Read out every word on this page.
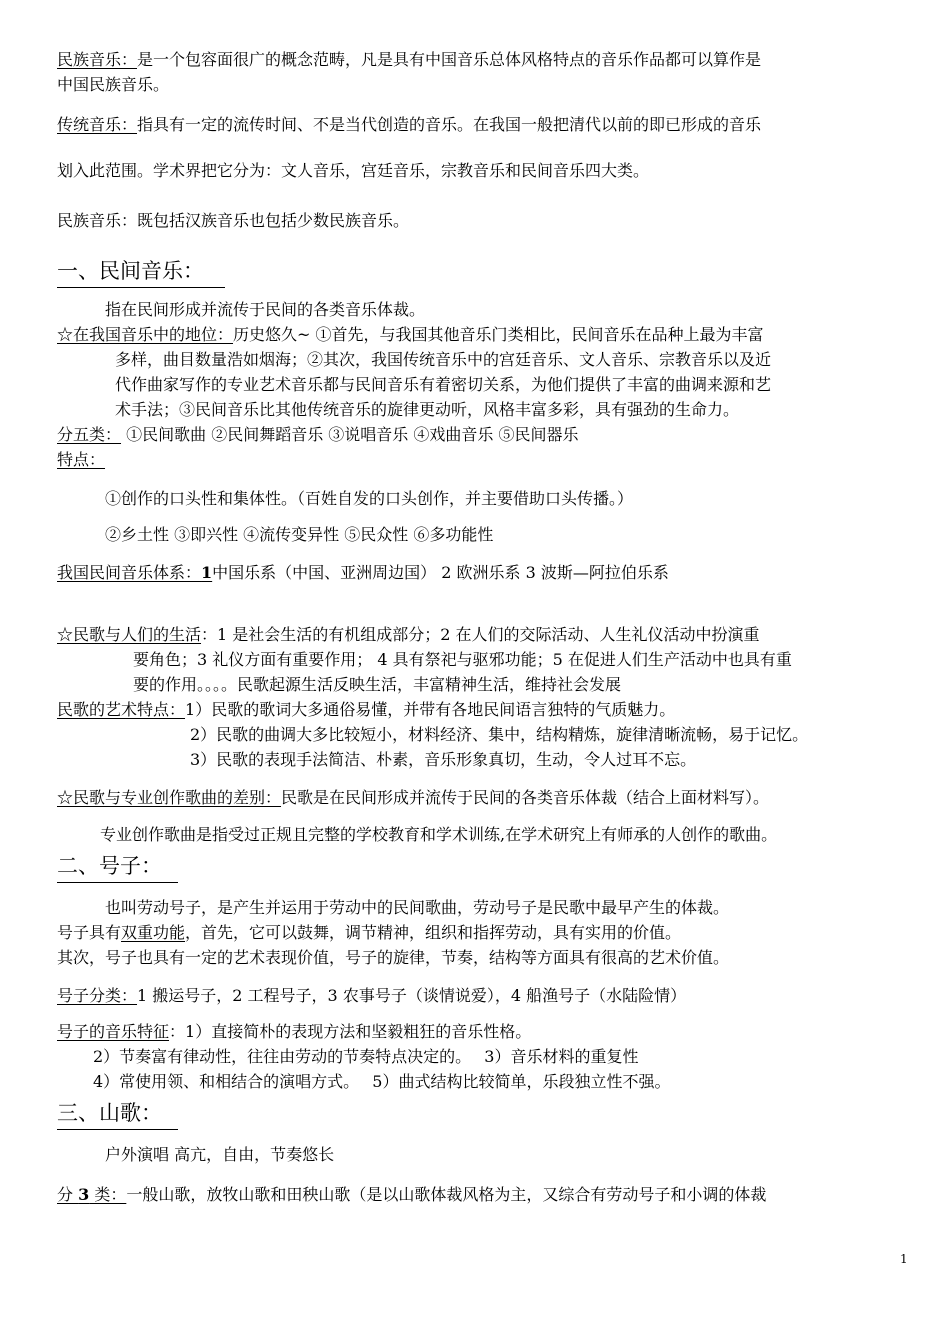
民族音乐：是一个包容面很广的概念范畴，凡是具有中国音乐总体风格特点的音乐作品都可以算作是
中国民族音乐。
传统音乐：指具有一定的流传时间、不是当代创造的音乐。在我国一般把清代以前的即已形成的音乐
划入此范围。学术界把它分为：文人音乐，宫廷音乐，宗教音乐和民间音乐四大类。
民族音乐：既包括汉族音乐也包括少数民族音乐。
一、民间音乐：
指在民间形成并流传于民间的各类音乐体裁。
☆在我国音乐中的地位：历史悠久~ ①首先，与我国其他音乐门类相比，民间音乐在品种上最为丰富
多样，曲目数量浩如烟海；②其次，我国传统音乐中的宫廷音乐、文人音乐、宗教音乐以及近
代作曲家写作的专业艺术音乐都与民间音乐有着密切关系，为他们提供了丰富的曲调来源和艺
术手法；③民间音乐比其他传统音乐的旋律更动听，风格丰富多彩，具有强劲的生命力。
分五类： ①民间歌曲 ②民间舞蹈音乐 ③说唱音乐 ④戏曲音乐 ⑤民间器乐
特点：
①创作的口头性和集体性。（百姓自发的口头创作，并主要借助口头传播。）
②乡土性 ③即兴性 ④流传变异性 ⑤民众性 ⑥多功能性
我国民间音乐体系：1中国乐系（中国、亚洲周边国） 2 欧洲乐系 3 波斯—阿拉伯乐系
☆民歌与人们的生活：1 是社会生活的有机组成部分；2 在人们的交际活动、人生礼仪活动中扮演重
要角色；3 礼仪方面有重要作用； 4 具有祭祀与驱邪功能；5 在促进人们生产活动中也具有重
要的作用。。。。民歌起源生活反映生活，丰富精神生活，维持社会发展
民歌的艺术特点：1）民歌的歌词大多通俗易懂，并带有各地民间语言独特的气质魅力。
2）民歌的曲调大多比较短小，材料经济、集中，结构精炼，旋律清晰流畅，易于记忆。
3）民歌的表现手法简洁、朴素，音乐形象真切，生动，令人过耳不忘。
☆民歌与专业创作歌曲的差别：民歌是在民间形成并流传于民间的各类音乐体裁（结合上面材料写）。
专业创作歌曲是指受过正规且完整的学校教育和学术训练,在学术研究上有师承的人创作的歌曲。
二、号子：
也叫劳动号子，是产生并运用于劳动中的民间歌曲，劳动号子是民歌中最早产生的体裁。
号子具有双重功能，首先，它可以鼓舞，调节精神，组织和指挥劳动，具有实用的价值。
其次，号子也具有一定的艺术表现价值，号子的旋律，节奏，结构等方面具有很高的艺术价值。
号子分类：1 搬运号子，2 工程号子，3 农事号子（谈情说爱），4 船渔号子（水陆险情）
号子的音乐特征：1）直接简朴的表现方法和坚毅粗狂的音乐性格。
2）节奏富有律动性，往往由劳动的节奏特点决定的。　 3）音乐材料的重复性
4）常使用领、和相结合的演唱方式。　 5）曲式结构比较简单，乐段独立性不强。
三、山歌：
户外演唱 高亢，自由，节奏悠长
分 3 类：一般山歌，放牧山歌和田秧山歌（是以山歌体裁风格为主，又综合有劳动号子和小调的体裁
1
